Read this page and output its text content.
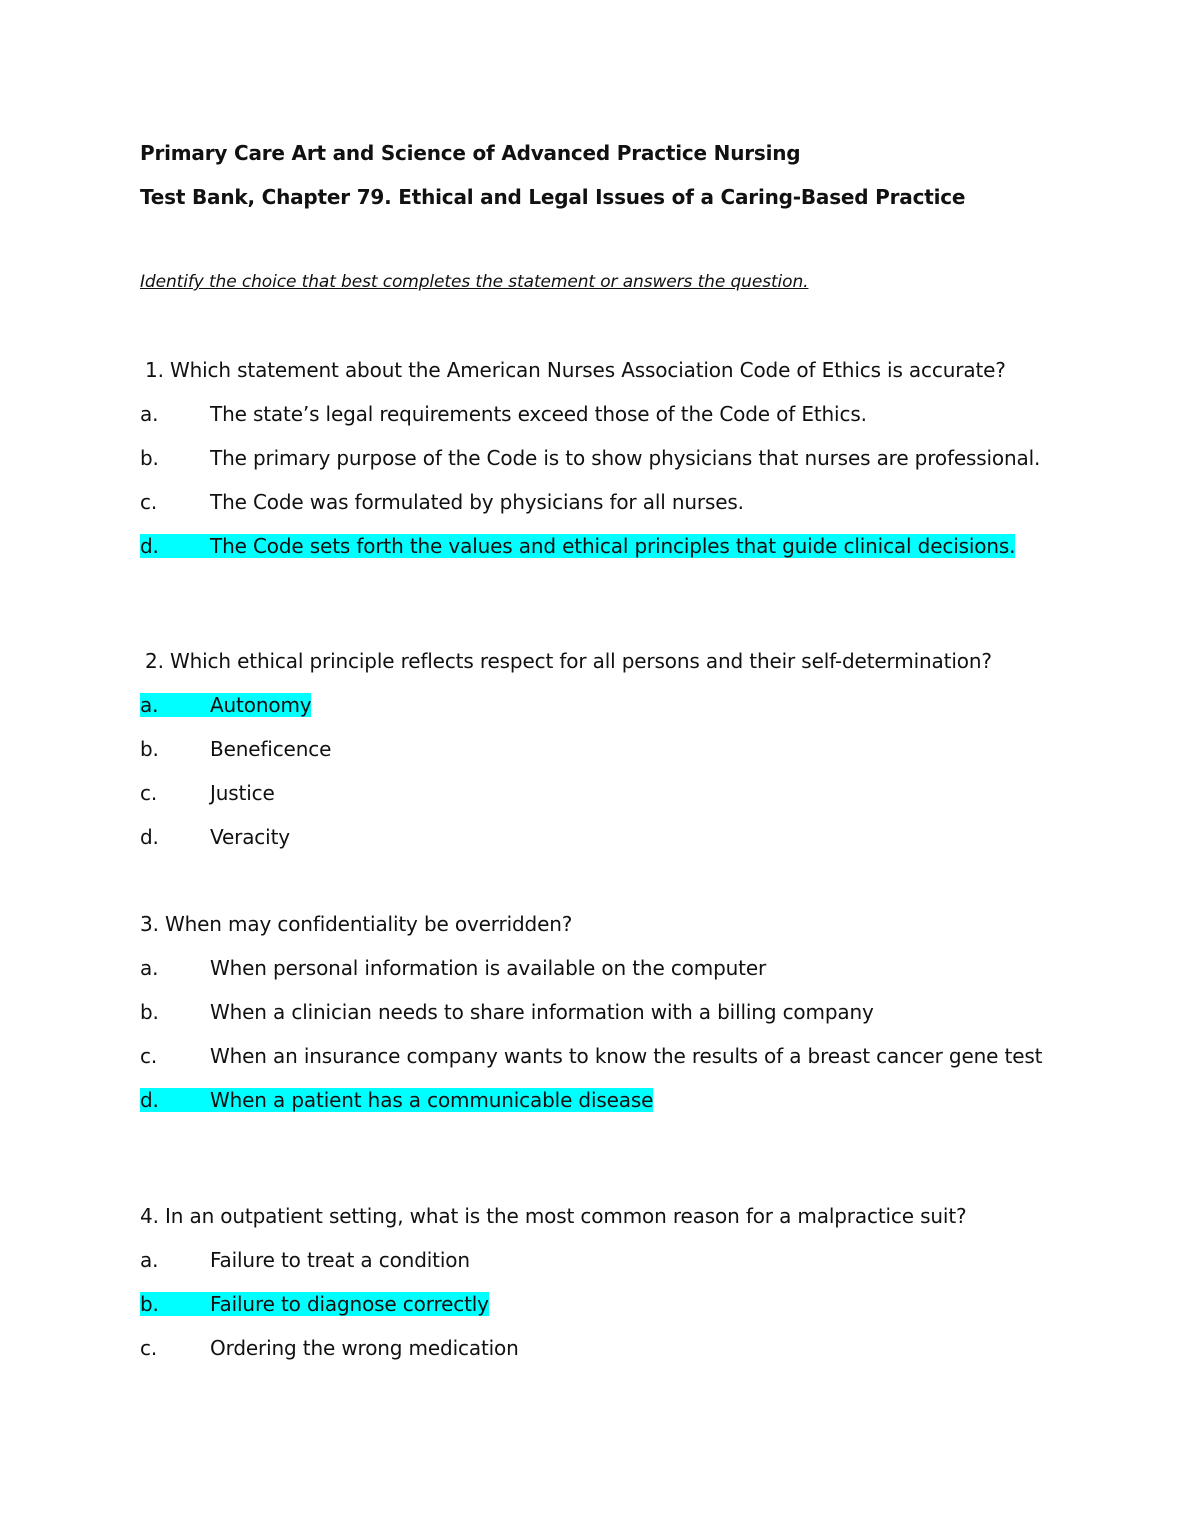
Primary Care Art and Science of Advanced Practice Nursing
Test Bank, Chapter 79. Ethical and Legal Issues of a Caring-Based Practice
Identify the choice that best completes the statement or answers the question.
1. Which statement about the American Nurses Association Code of Ethics is accurate?
a.	The state’s legal requirements exceed those of the Code of Ethics.
b.	The primary purpose of the Code is to show physicians that nurses are professional.
c.	The Code was formulated by physicians for all nurses.
d.	The Code sets forth the values and ethical principles that guide clinical decisions.
2. Which ethical principle reflects respect for all persons and their self-determination?
a.	Autonomy
b.	Beneficence
c.	Justice
d.	Veracity
3. When may confidentiality be overridden?
a.	When personal information is available on the computer
b.	When a clinician needs to share information with a billing company
c.	When an insurance company wants to know the results of a breast cancer gene test
d.	When a patient has a communicable disease
4. In an outpatient setting, what is the most common reason for a malpractice suit?
a.	Failure to treat a condition
b.	Failure to diagnose correctly
c.	Ordering the wrong medication
